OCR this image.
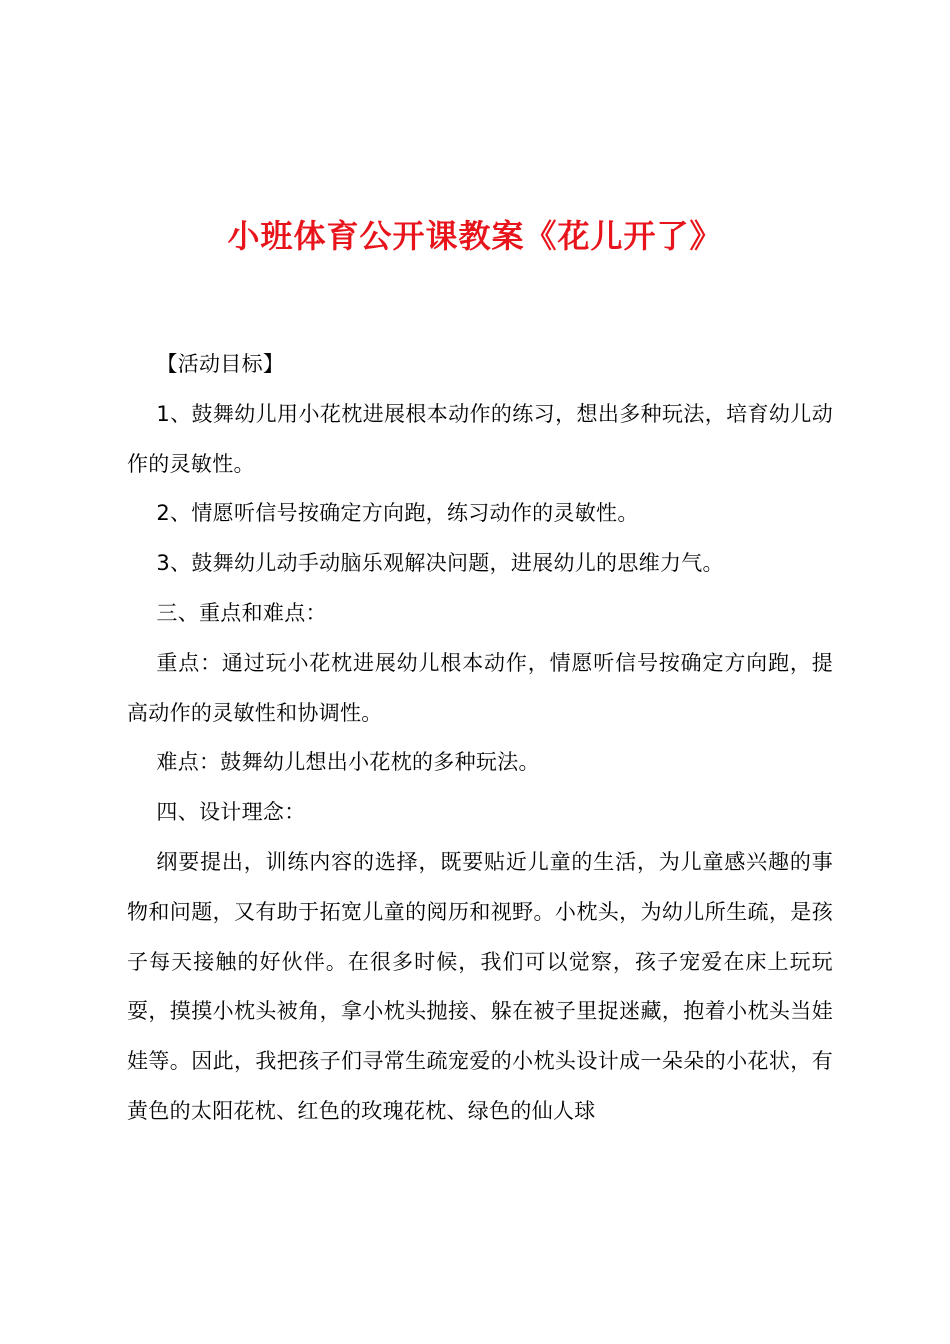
小班体育公开课教案《花儿开了》

【活动目标】

1、鼓舞幼儿用小花枕进展根本动作的练习，想出多种玩法，培育幼儿动作的灵敏性。

2、情愿听信号按确定方向跑，练习动作的灵敏性。

3、鼓舞幼儿动手动脑乐观解决问题，进展幼儿的思维力气。

三、重点和难点：

重点：通过玩小花枕进展幼儿根本动作，情愿听信号按确定方向跑，提高动作的灵敏性和协调性。

难点：鼓舞幼儿想出小花枕的多种玩法。

四、设计理念：

纲要提出，训练内容的选择，既要贴近儿童的生活，为儿童感兴趣的事物和问题，又有助于拓宽儿童的阅历和视野。小枕头，为幼儿所生疏，是孩子每天接触的好伙伴。在很多时候，我们可以觉察，孩子宠爱在床上玩玩耍，摸摸小枕头被角，拿小枕头抛接、躲在被子里捉迷藏，抱着小枕头当娃娃等。因此，我把孩子们寻常生疏宠爱的小枕头设计成一朵朵的小花状，有黄色的太阳花枕、红色的玫瑰花枕、绿色的仙人球
